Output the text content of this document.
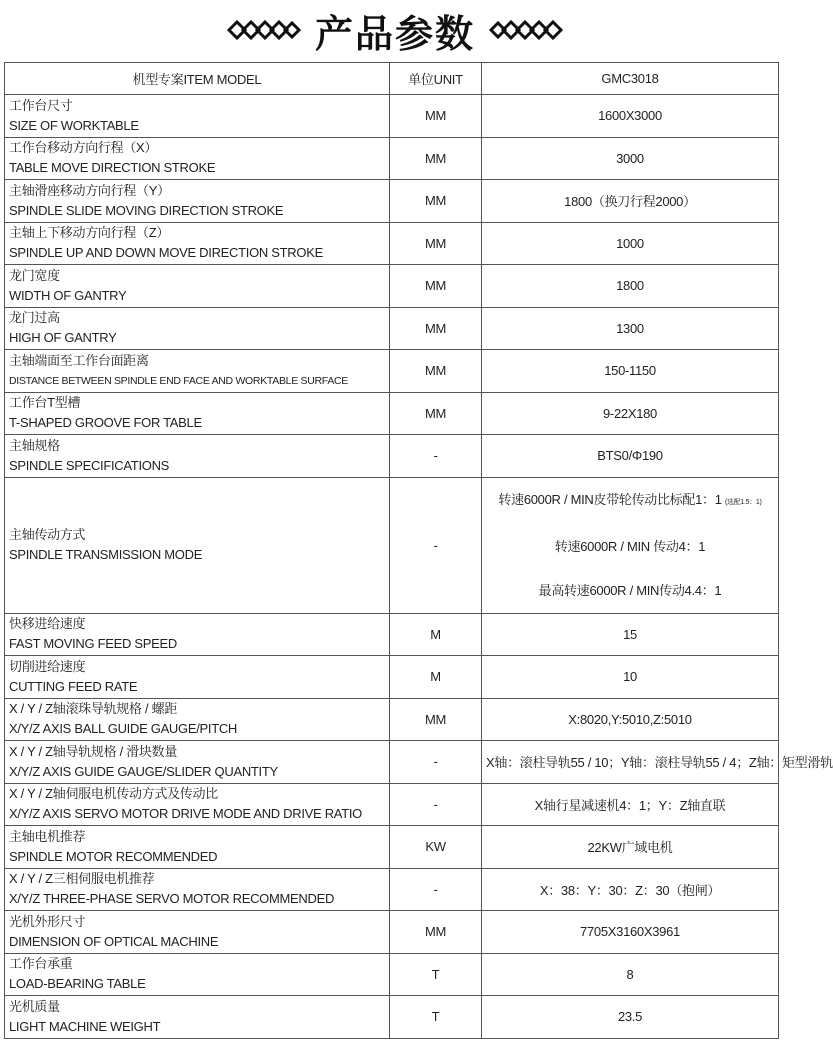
产品参数
机型专案ITEM MODEL	单位UNIT	GMC3018
工作台尺寸
SIZE OF WORKTABLE	MM	1600X3000
工作台移动方向行程（X）
TABLE MOVE DIRECTION STROKE	MM	3000
主轴滑座移动方向行程（Y）
SPINDLE SLIDE MOVING DIRECTION STROKE	MM	1800（换刀行程2000）
主轴上下移动方向行程（Z）
SPINDLE UP AND DOWN MOVE DIRECTION STROKE	MM	1000
龙门宽度
WIDTH OF GANTRY	MM	1800
龙门过高
HIGH OF GANTRY	MM	1300
主轴端面至工作台面距离
DISTANCE BETWEEN SPINDLE END FACE AND WORKTABLE SURFACE	MM	150-1150
工作台T型槽
T-SHAPED GROOVE FOR TABLE	MM	9-22X180
主轴规格
SPINDLE SPECIFICATIONS	-	BTS0/Φ190
主轴传动方式
SPINDLE TRANSMISSION MODE	-	转速6000R / MIN皮带轮传动比标配1：1 (选配1.5：1)
转速6000R / MIN 传动4：1
最高转速6000R / MIN传动4.4：1

快移进给速度
FAST MOVING FEED SPEED	M	15
切削进给速度
CUTTING FEED RATE	M	10
X / Y / Z轴滚珠导轨规格 / 螺距
X/Y/Z AXIS BALL GUIDE GAUGE/PITCH	MM	X:8020,Y:5010,Z:5010
X / Y / Z轴导轨规格 / 滑块数量
X/Y/Z AXIS GUIDE GAUGE/SLIDER QUANTITY	-	X轴：滚柱导轨55 / 10；Y轴：滚柱导轨55 / 4；Z轴：矩型滑轨
X / Y / Z轴伺服电机传动方式及传动比
X/Y/Z AXIS SERVO MOTOR DRIVE MODE AND DRIVE RATIO	-	X轴行星减速机4：1；Y：Z轴直联
主轴电机推荐
SPINDLE MOTOR RECOMMENDED	KW	22KW广域电机
X / Y / Z三相伺服电机推荐
X/Y/Z THREE-PHASE SERVO MOTOR RECOMMENDED	-	X：38：Y：30：Z：30（抱闸）
光机外形尺寸
DIMENSION OF OPTICAL MACHINE	MM	7705X3160X3961
工作台承重
LOAD-BEARING TABLE	T	8
光机质量
LIGHT MACHINE WEIGHT	T	23.5
